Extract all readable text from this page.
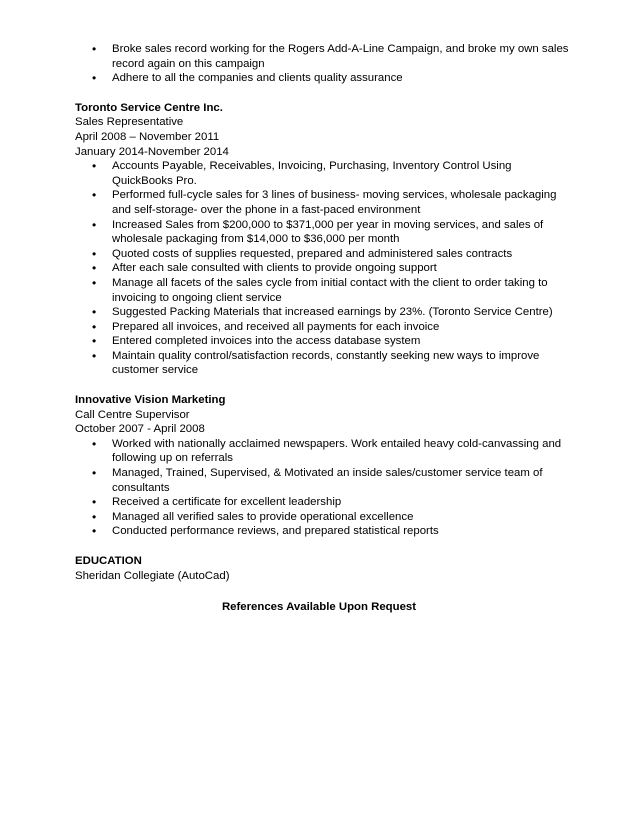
• Broke sales record working for the Rogers Add-A-Line Campaign, and broke my own sales record again on this campaign
• Adhere to all the companies and clients quality assurance
Toronto Service Centre Inc.
Sales Representative
April 2008 – November 2011
January 2014-November 2014
• Accounts Payable, Receivables, Invoicing, Purchasing, Inventory Control Using QuickBooks Pro.
• Performed full-cycle sales for 3 lines of business- moving services, wholesale packaging and self-storage- over the phone in a fast-paced environment
• Increased Sales from $200,000 to $371,000 per year in moving services, and sales of wholesale packaging from $14,000 to $36,000 per month
• Quoted costs of supplies requested, prepared and administered sales contracts
• After each sale consulted with clients to provide ongoing support
• Manage all facets of the sales cycle from initial contact with the client to order taking to invoicing to ongoing client service
• Suggested Packing Materials that increased earnings by 23%. (Toronto Service Centre)
• Prepared all invoices, and received all payments for each invoice
• Entered completed invoices into the access database system
• Maintain quality control/satisfaction records, constantly seeking new ways to improve customer service
Innovative Vision Marketing
Call Centre Supervisor
October 2007 - April 2008
• Worked with nationally acclaimed newspapers. Work entailed heavy cold-canvassing and following up on referrals
• Managed, Trained, Supervised, & Motivated an inside sales/customer service team of consultants
• Received a certificate for excellent leadership
• Managed all verified sales to provide operational excellence
• Conducted performance reviews, and prepared statistical reports
EDUCATION
Sheridan Collegiate (AutoCad)
References Available Upon Request
